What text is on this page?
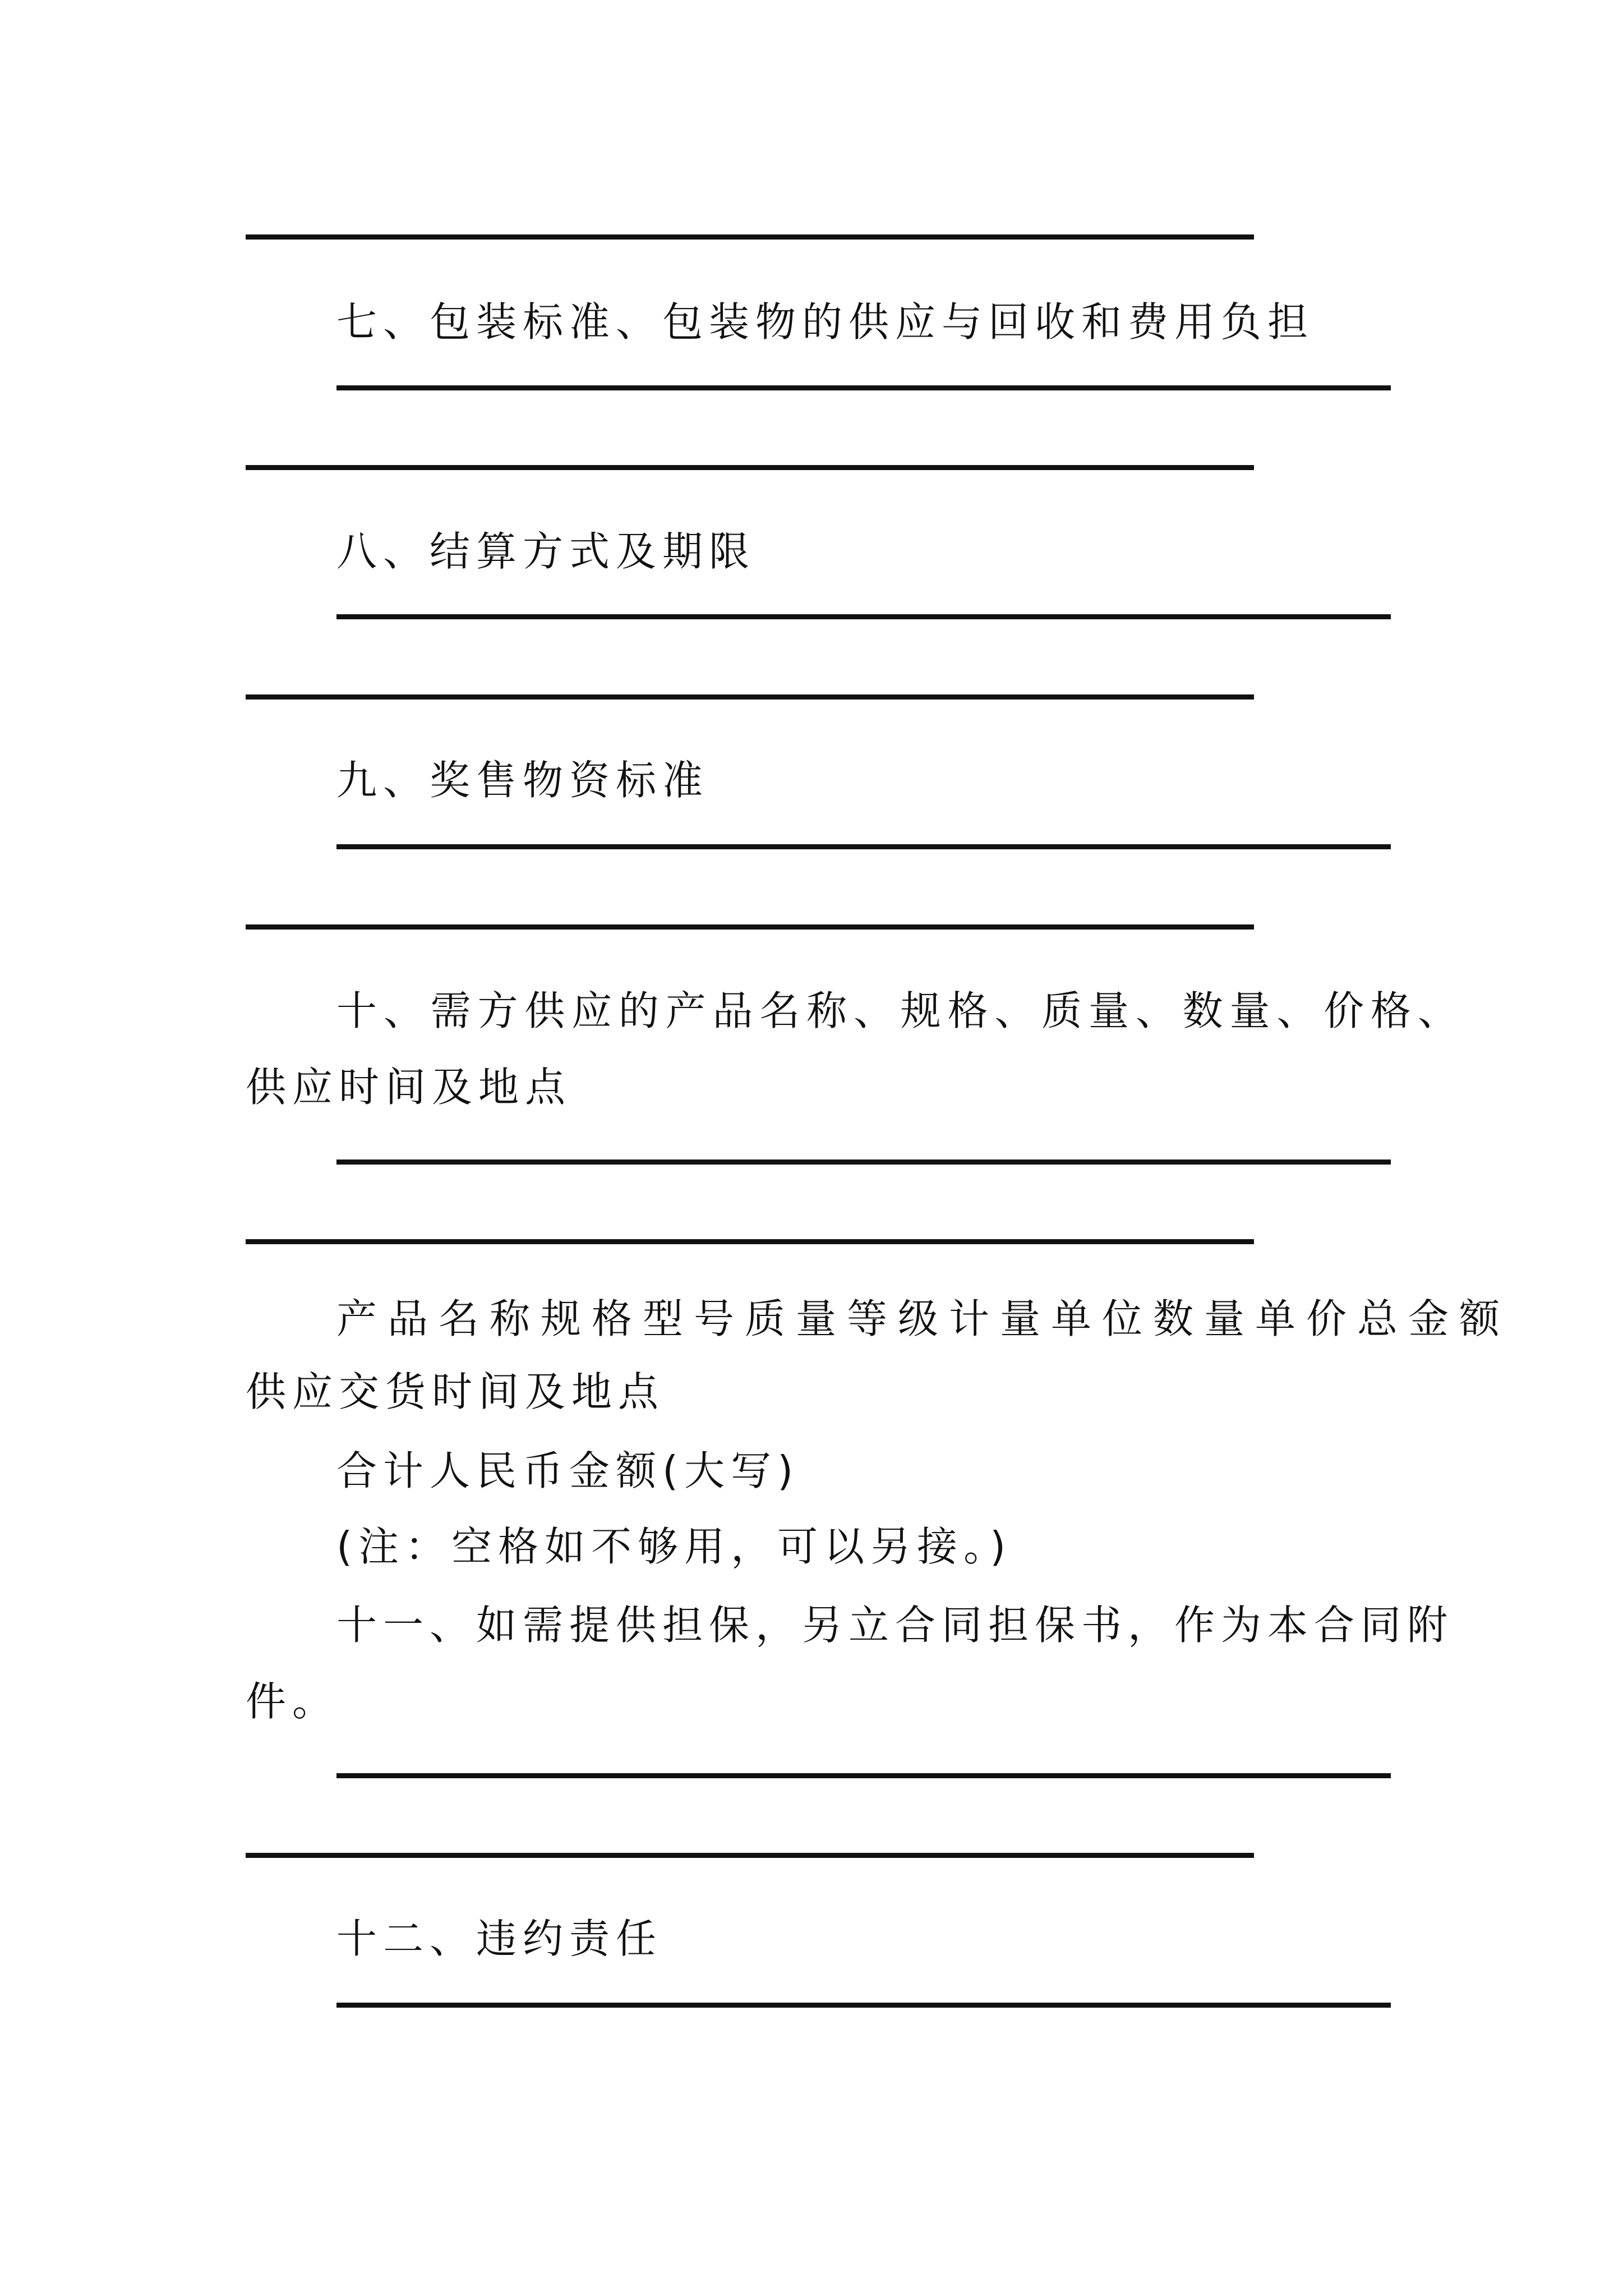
七、包装标准、包装物的供应与回收和费用负担
八、结算方式及期限
九、奖售物资标准
十 、 需 方 供 应 的 产 品 名 称 、 规 格 、 质 量 、 数 量 、 价 格 、
供应时间及地点
产品名称规格型号质量等级计量单位数量单价总金额
供应交货时间及地点
合计人民币金额(大写)
(注：空格如不够用，可以另接。)
十一、如需提供担保，另立合同担保书，作为本合同附
件。
十二、违约责任
